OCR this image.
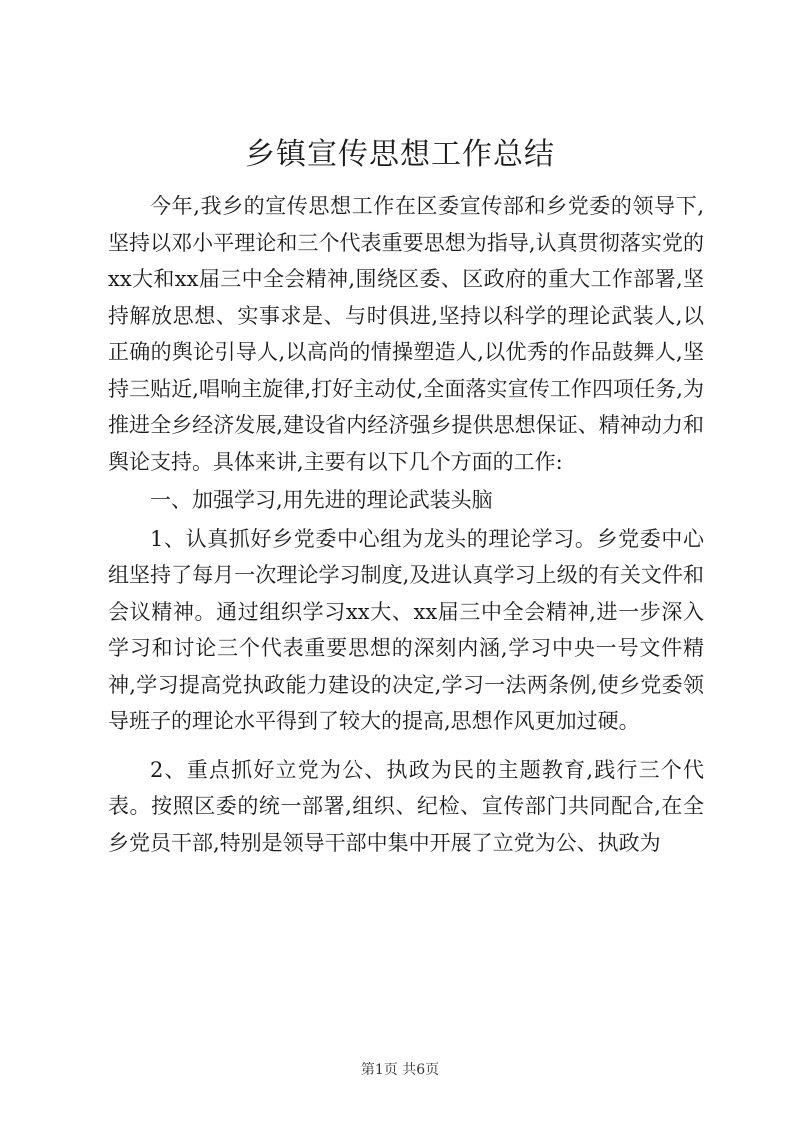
乡镇宣传思想工作总结

今年,我乡的宣传思想工作在区委宣传部和乡党委的领导下,坚持以邓小平理论和三个代表重要思想为指导,认真贯彻落实党的xx大和xx届三中全会精神,围绕区委、区政府的重大工作部署,坚持解放思想、实事求是、与时俱进,坚持以科学的理论武装人,以正确的舆论引导人,以高尚的情操塑造人,以优秀的作品鼓舞人,坚持三贴近,唱响主旋律,打好主动仗,全面落实宣传工作四项任务,为推进全乡经济发展,建设省内经济强乡提供思想保证、精神动力和舆论支持。具体来讲,主要有以下几个方面的工作:

一、加强学习,用先进的理论武装头脑

1、认真抓好乡党委中心组为龙头的理论学习。乡党委中心组坚持了每月一次理论学习制度,及进认真学习上级的有关文件和会议精神。通过组织学习xx大、xx届三中全会精神,进一步深入学习和讨论三个代表重要思想的深刻内涵,学习中央一号文件精神,学习提高党执政能力建设的决定,学习一法两条例,使乡党委领导班子的理论水平得到了较大的提高,思想作风更加过硬。

2、重点抓好立党为公、执政为民的主题教育,践行三个代表。按照区委的统一部署,组织、纪检、宣传部门共同配合,在全乡党员干部,特别是领导干部中集中开展了立党为公、执政为

第1页 共6页
